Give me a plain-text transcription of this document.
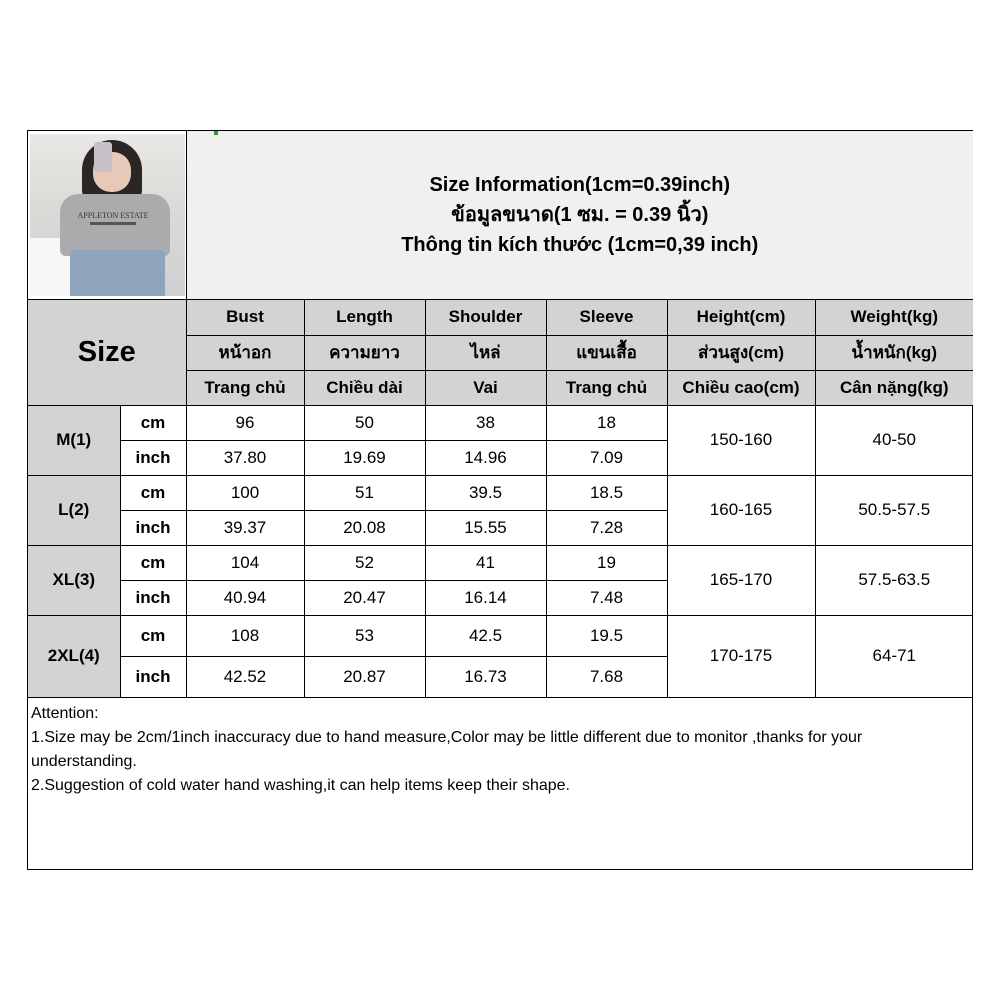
APPLETON ESTATE		Size Information(1cm=0.39inch)
ข้อมูลขนาด(1 ซม. = 0.39 นิ้ว)
Thông tin kích thước (1cm=0,39 inch)					

Size		Bust	Length	Shoulder	Sleeve	Height(cm)	Weight(kg)
		หน้าอก	ความยาว	ไหล่	แขนเสื้อ	ส่วนสูง(cm)	น้ำหนัก(kg)
		Trang chủ	Chiều dài	Vai	Trang chủ	Chiều cao(cm)	Cân nặng(kg)
M(1)	cm	96	50	38	18	150-160	40-50
	inch	37.80	19.69	14.96	7.09		
L(2)	cm	100	51	39.5	18.5	160-165	50.5-57.5
	inch	39.37	20.08	15.55	7.28		
XL(3)	cm	104	52	41	19	165-170	57.5-63.5
	inch	40.94	20.47	16.14	7.48		
2XL(4)	cm	108	53	42.5	19.5	170-175	64-71
	inch	42.52	20.87	16.73	7.68		
Attention:
1.Size may be 2cm/1inch inaccuracy due to hand measure,Color may be little different due to monitor ,thanks for your understanding.
2.Suggestion of cold water hand washing,it can help items keep their shape.
